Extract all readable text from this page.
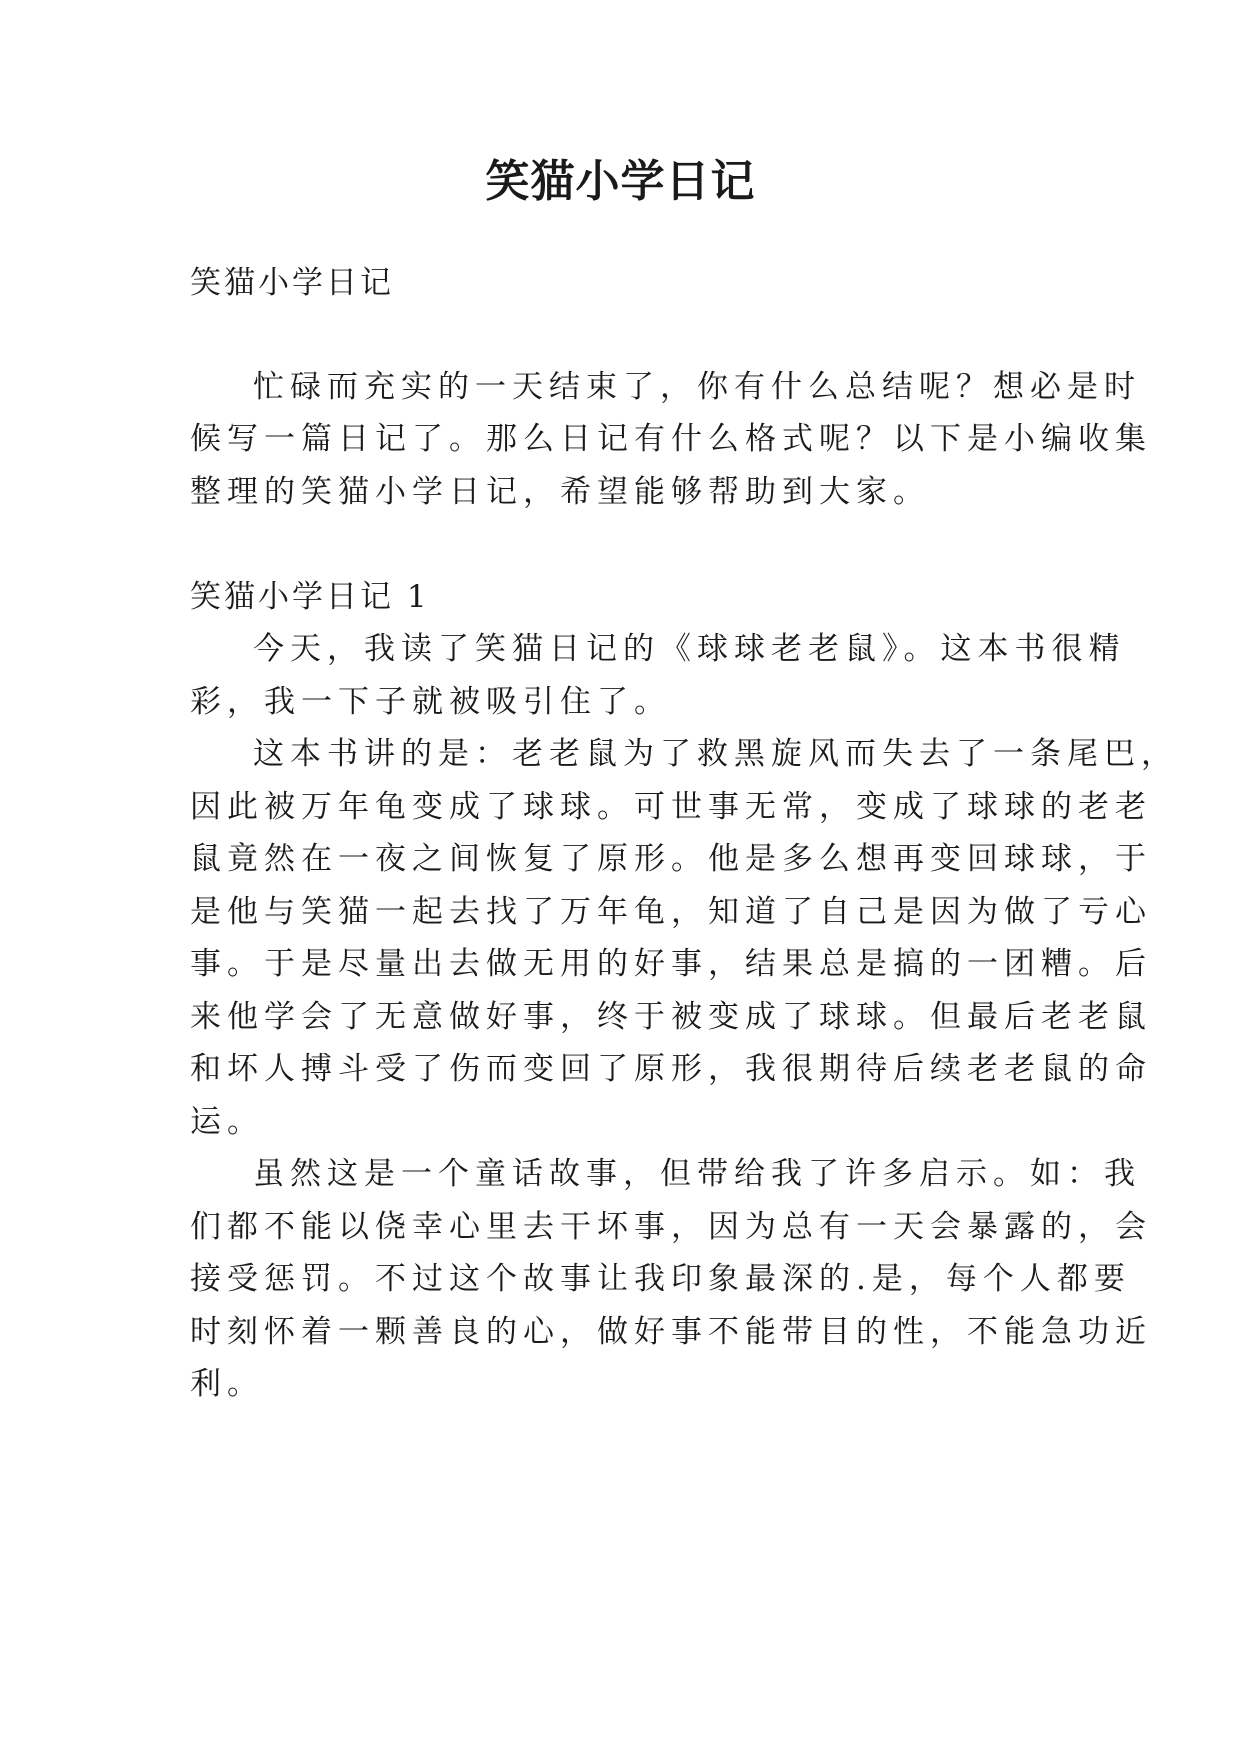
笑猫小学日记

笑猫小学日记

忙碌而充实的一天结束了，你有什么总结呢？想必是时

候写一篇日记了。那么日记有什么格式呢？以下是小编收集

整理的笑猫小学日记，希望能够帮助到大家。

笑猫小学日记 1

今天，我读了笑猫日记的《球球老老鼠》。这本书很精

彩，我一下子就被吸引住了。

这本书讲的是：老老鼠为了救黑旋风而失去了一条尾巴，

因此被万年龟变成了球球。可世事无常，变成了球球的老老

鼠竟然在一夜之间恢复了原形。他是多么想再变回球球，于

是他与笑猫一起去找了万年龟，知道了自己是因为做了亏心

事。于是尽量出去做无用的好事，结果总是搞的一团糟。后

来他学会了无意做好事，终于被变成了球球。但最后老老鼠

和坏人搏斗受了伤而变回了原形，我很期待后续老老鼠的命

运。

虽然这是一个童话故事，但带给我了许多启示。如：我

们都不能以侥幸心里去干坏事，因为总有一天会暴露的，会

接受惩罚。不过这个故事让我印象最深的.是，每个人都要

时刻怀着一颗善良的心，做好事不能带目的性，不能急功近

利。
